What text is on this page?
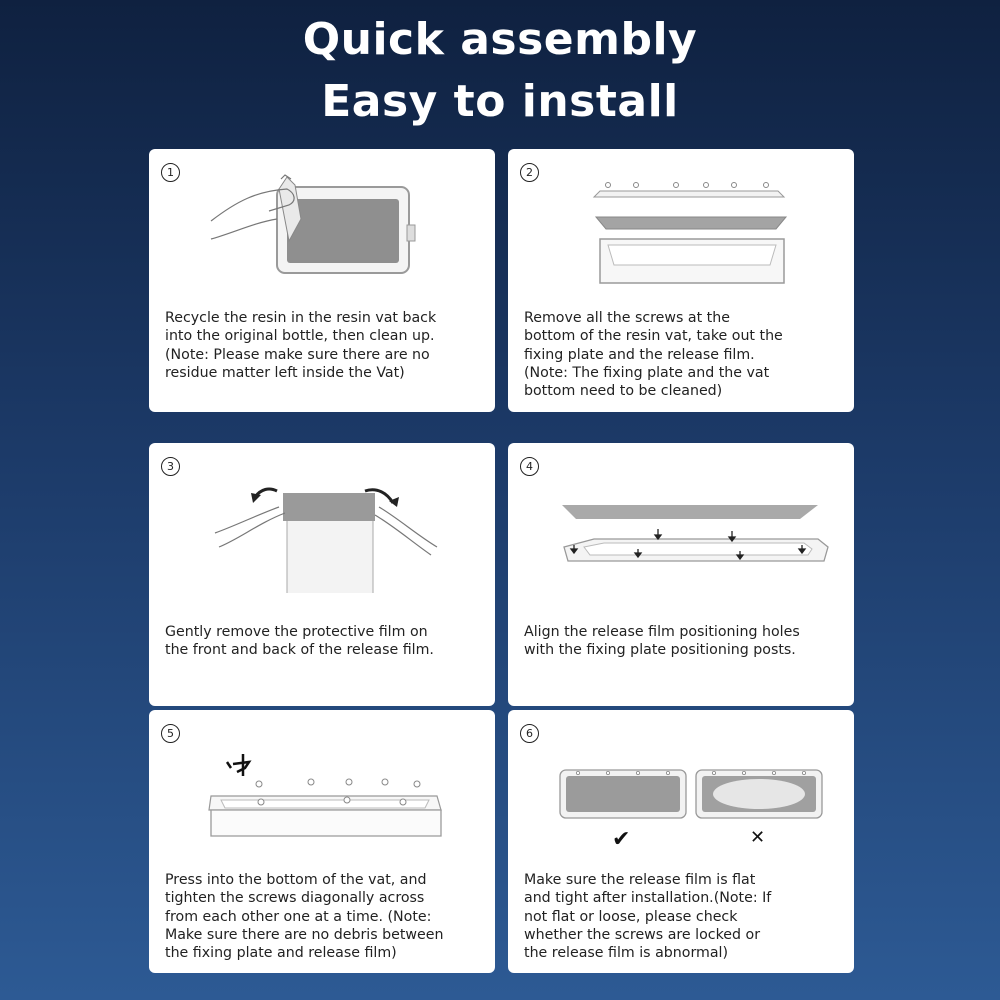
Quick assembly
Easy to install
1
Recycle the resin in the resin vat back
into the original bottle, then clean up.
(Note: Please make sure there are no
residue matter left inside the Vat)
2
Remove all the screws at the
bottom of the resin vat, take out the
fixing plate and the release film.
(Note: The fixing plate and the vat
bottom need to be cleaned)
3
Gently remove the protective film on
the front and back of the release film.
4
Align the release film positioning holes
with the fixing plate positioning posts.
5
Press into the bottom of the vat, and
tighten the screws diagonally across
from each other one at a time. (Note:
Make sure there are no debris between
the fixing plate and release film)
6
✔	✕
Make sure the release film is flat
and tight after installation.(Note: If
not flat or loose, please check
whether the screws are locked or
the release film is abnormal)
